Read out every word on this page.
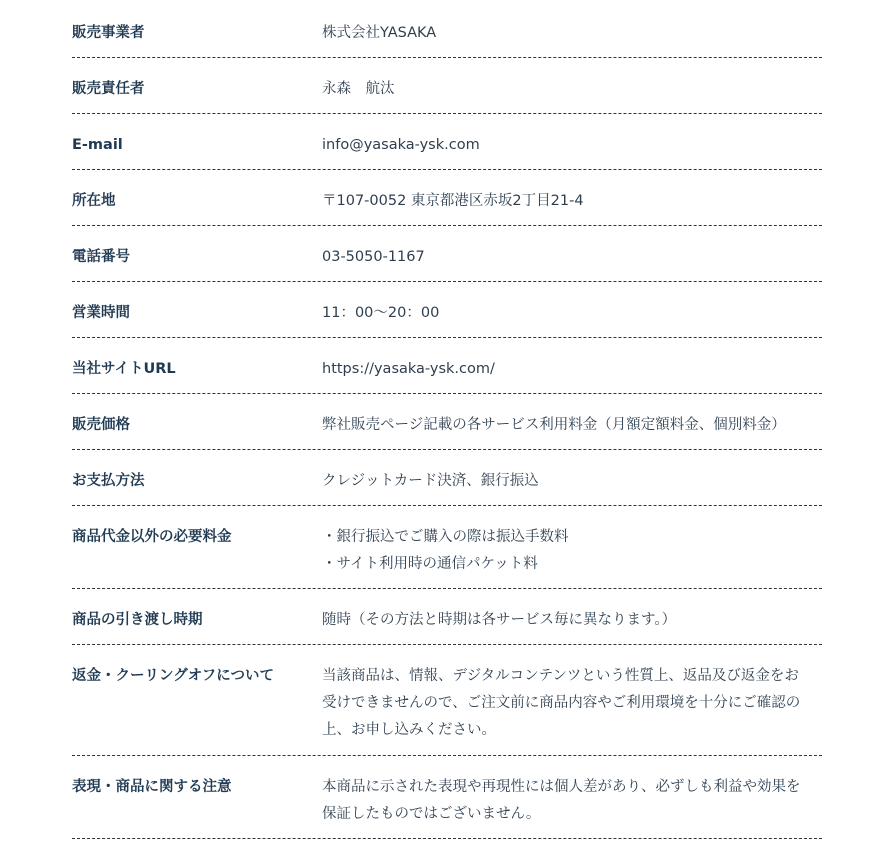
販売事業者	株式会社YASAKA
販売責任者	永森　航汰
E-mail	info@yasaka-ysk.com
所在地	〒107-0052 東京都港区赤坂2丁目21-4
電話番号	03-5050-1167
営業時間	11：00〜20：00
当社サイトURL	https://yasaka-ysk.com/
販売価格	弊社販売ページ記載の各サービス利用料金（月額定額料金、個別料金）
お支払方法	クレジットカード決済、銀行振込
商品代金以外の必要料金	・銀行振込でご購入の際は振込手数料
・サイト利用時の通信パケット料
商品の引き渡し時期	随時（その方法と時期は各サービス毎に異なります。）
返金・クーリングオフについて	当該商品は、情報、デジタルコンテンツという性質上、返品及び返金をお
受けできませんので、ご注文前に商品内容やご利用環境を十分にご確認の
上、お申し込みください。
表現・商品に関する注意	本商品に示された表現や再現性には個人差があり、必ずしも利益や効果を
保証したものではございません。
